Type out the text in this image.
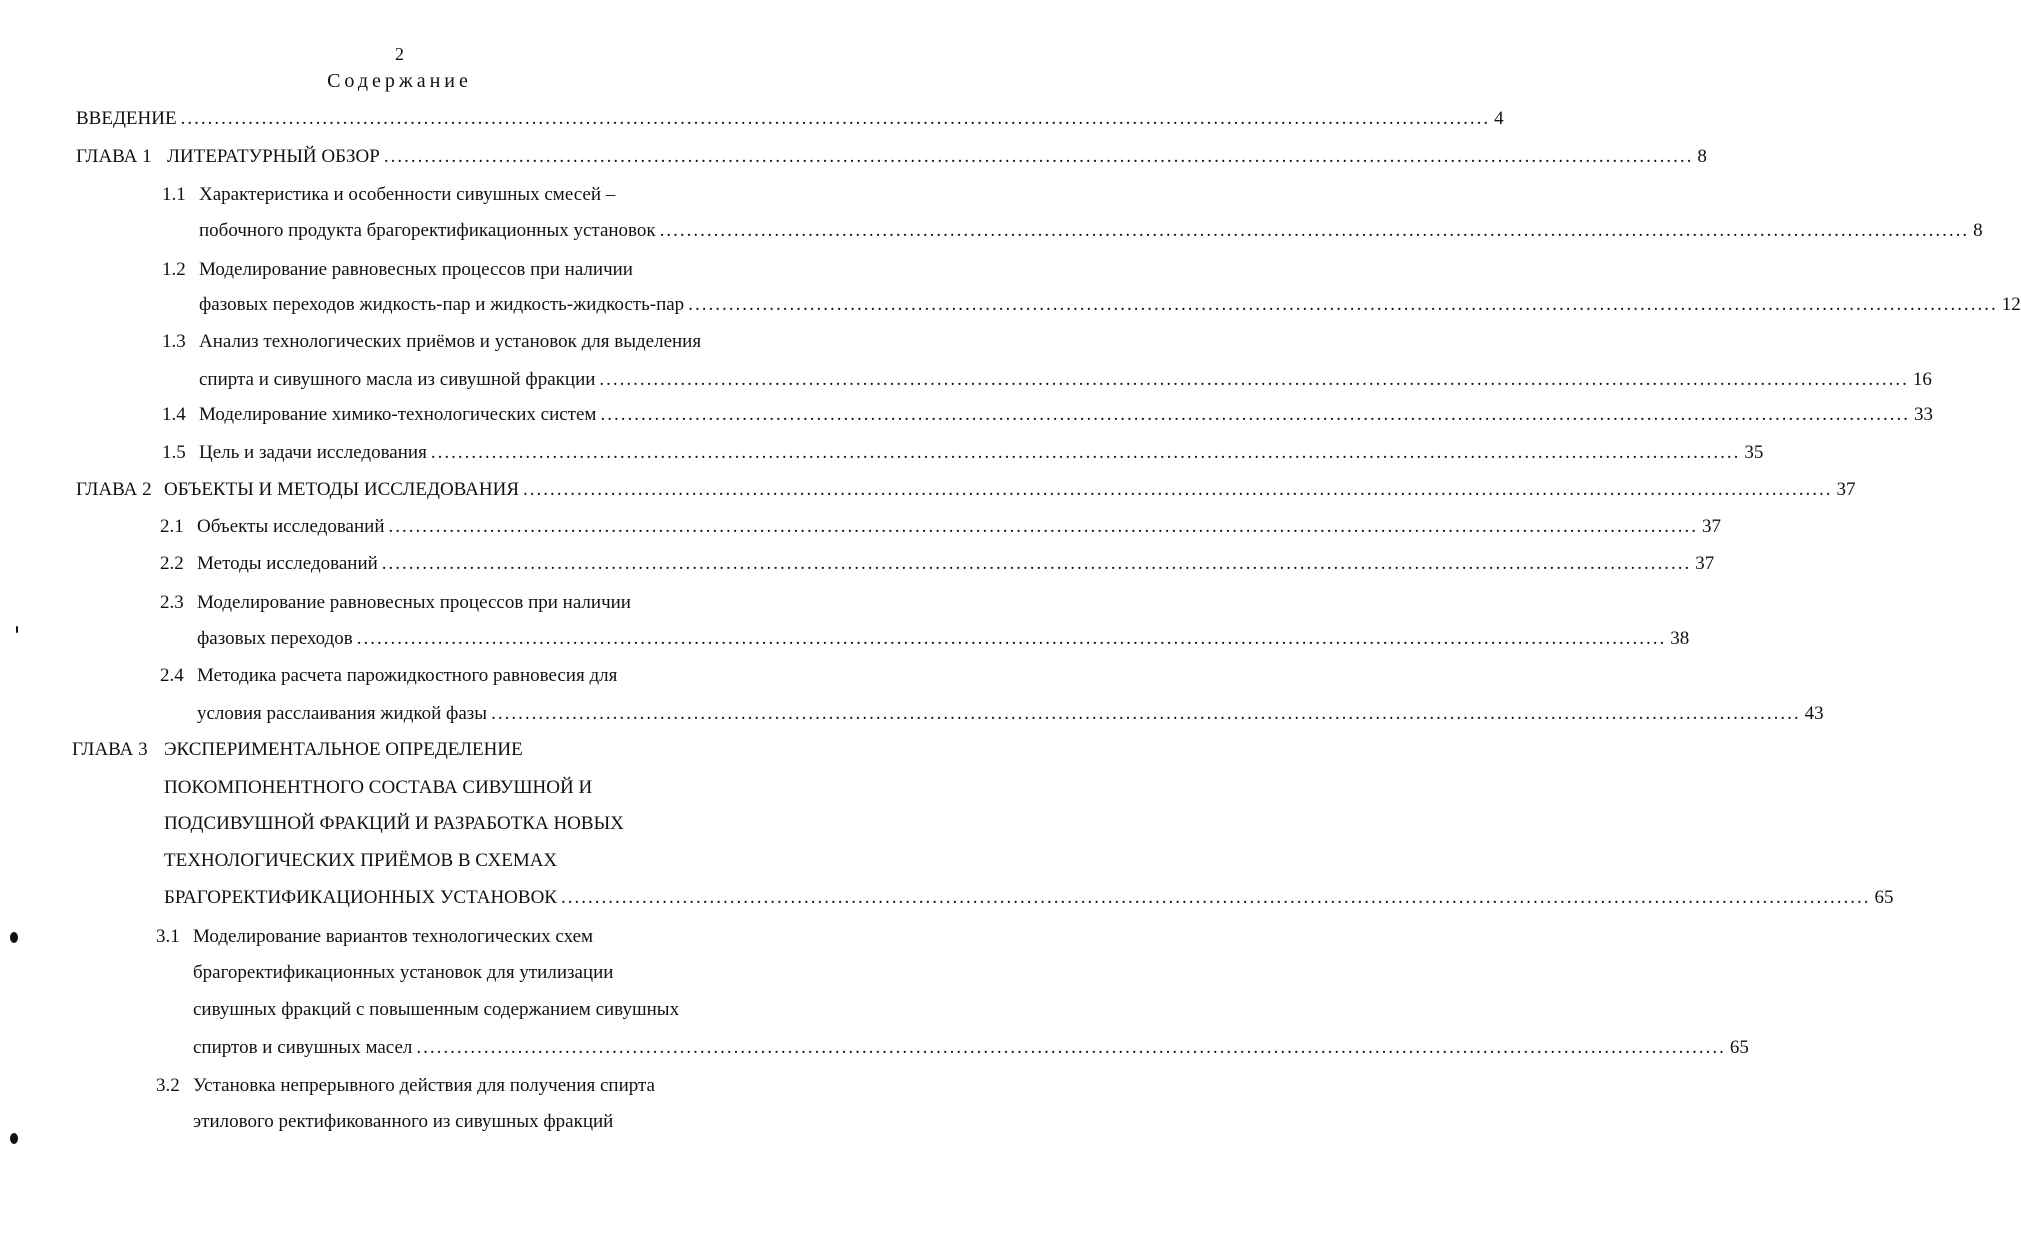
2
Содержание
ВВЕДЕНИЕ .................................................................................................................................................................................................. 4
ГЛАВА 1 ЛИТЕРАТУРНЫЙ ОБЗОР .................................................................................................................................................................................................. 8
1.1 Характеристика и особенности сивушных смесей –
побочного продукта брагоректификационных установок .................................................................................................................................................................................................. 8
1.2 Моделирование равновесных процессов при наличии
фазовых переходов жидкость-пар и жидкость-жидкость-пар .................................................................................................................................................................................................. 12
1.3 Анализ технологических приёмов и установок для выделения
спирта и сивушного масла из сивушной фракции .................................................................................................................................................................................................. 16
1.4 Моделирование химико-технологических систем .................................................................................................................................................................................................. 33
1.5 Цель и задачи исследования .................................................................................................................................................................................................. 35
ГЛАВА 2 ОБЪЕКТЫ И МЕТОДЫ ИССЛЕДОВАНИЯ .................................................................................................................................................................................................. 37
2.1 Объекты исследований .................................................................................................................................................................................................. 37
2.2 Методы исследований .................................................................................................................................................................................................. 37
2.3 Моделирование равновесных процессов при наличии
фазовых переходов .................................................................................................................................................................................................. 38
2.4 Методика расчета парожидкостного равновесия для
условия расслаивания жидкой фазы .................................................................................................................................................................................................. 43
ГЛАВА 3 ЭКСПЕРИМЕНТАЛЬНОЕ ОПРЕДЕЛЕНИЕ
ПОКОМПОНЕНТНОГО СОСТАВА СИВУШНОЙ И
ПОДСИВУШНОЙ ФРАКЦИЙ И РАЗРАБОТКА НОВЫХ
ТЕХНОЛОГИЧЕСКИХ ПРИЁМОВ В СХЕМАХ
БРАГОРЕКТИФИКАЦИОННЫХ УСТАНОВОК .................................................................................................................................................................................................. 65
3.1 Моделирование вариантов технологических схем
брагоректификационных установок для утилизации
сивушных фракций с повышенным содержанием сивушных
спиртов и сивушных масел .................................................................................................................................................................................................. 65
3.2 Установка непрерывного действия для получения спирта
этилового ректификованного из сивушных фракций
